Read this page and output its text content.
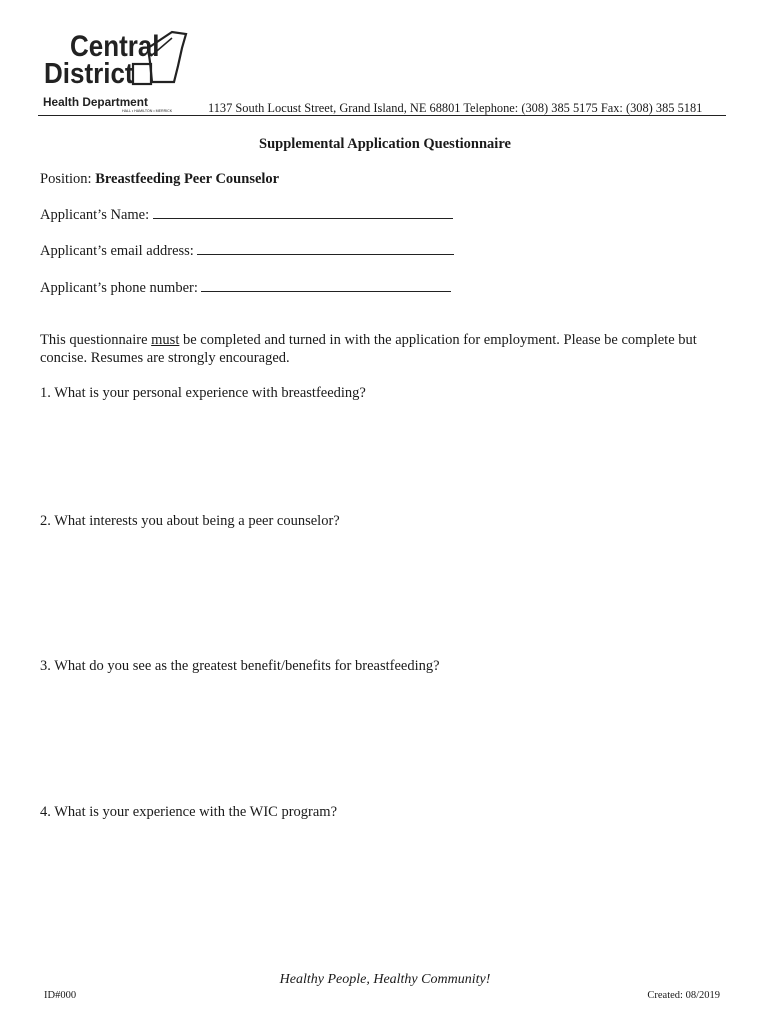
Central
District
Health Department
HALL • HAMILTON • MERRICK	1137 South Locust Street, Grand Island, NE 68801 Telephone: (308) 385 5175 Fax: (308) 385 5181
Supplemental Application Questionnaire
Position: Breastfeeding Peer Counselor
Applicant’s Name:
Applicant’s email address:
Applicant’s phone number:
This questionnaire must be completed and turned in with the application for employment. Please be complete but concise. Resumes are strongly encouraged.
1. What is your personal experience with breastfeeding?
2. What interests you about being a peer counselor?
3. What do you see as the greatest benefit/benefits for breastfeeding?
4. What is your experience with the WIC program?
Healthy People, Healthy Community!
ID#000	Created: 08/2019
